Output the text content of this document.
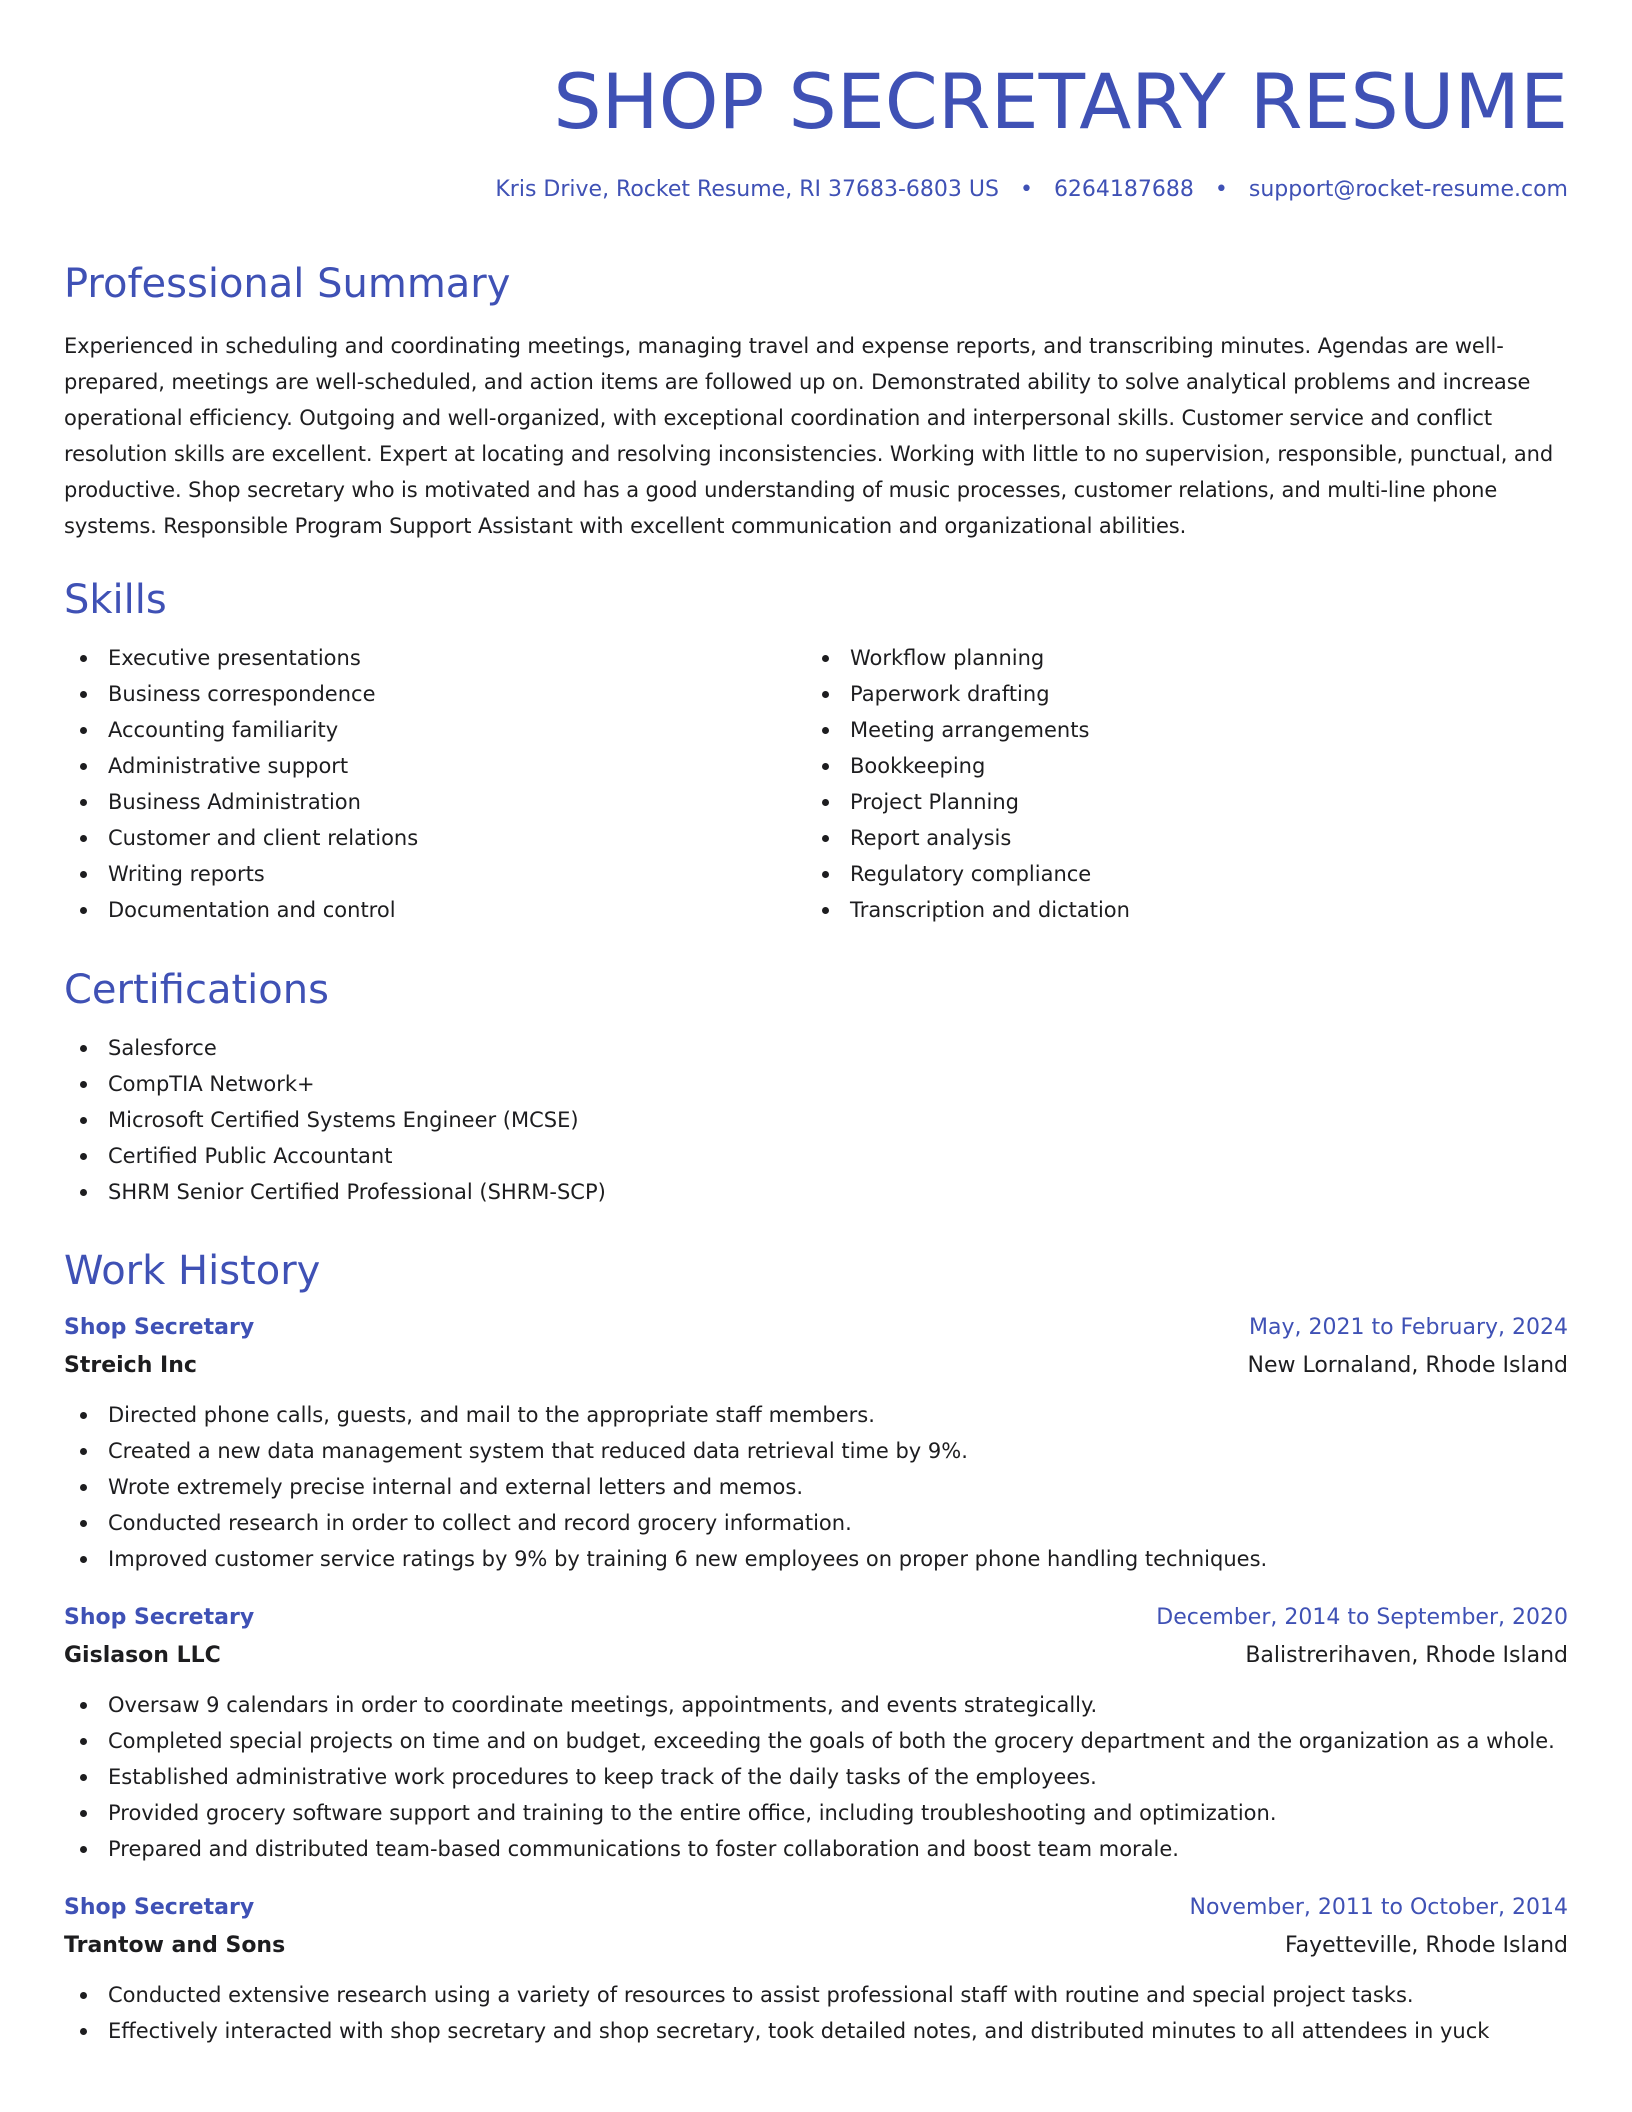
SHOP SECRETARY RESUME
Kris Drive, Rocket Resume, RI 37683-6803 US • 6264187688 • support@rocket-resume.com
Professional Summary

Experienced in scheduling and coordinating meetings, managing travel and expense reports, and transcribing minutes. Agendas are well-prepared, meetings are well-scheduled, and action items are followed up on. Demonstrated ability to solve analytical problems and increase operational efficiency. Outgoing and well-organized, with exceptional coordination and interpersonal skills. Customer service and conflict resolution skills are excellent. Expert at locating and resolving inconsistencies. Working with little to no supervision, responsible, punctual, and productive. Shop secretary who is motivated and has a good understanding of music processes, customer relations, and multi-line phone systems. Responsible Program Support Assistant with excellent communication and organizational abilities.

Skills
Executive presentations
Business correspondence
Accounting familiarity
Administrative support
Business Administration
Customer and client relations
Writing reports
Documentation and control
Workflow planning
Paperwork drafting
Meeting arrangements
Bookkeeping
Project Planning
Report analysis
Regulatory compliance
Transcription and dictation
Certifications
Salesforce
CompTIA Network+
Microsoft Certified Systems Engineer (MCSE)
Certified Public Accountant
SHRM Senior Certified Professional (SHRM-SCP)
Work History
Shop Secretary	May, 2021 to February, 2024
Streich Inc	New Lornaland, Rhode Island
Directed phone calls, guests, and mail to the appropriate staff members.
Created a new data management system that reduced data retrieval time by 9%.
Wrote extremely precise internal and external letters and memos.
Conducted research in order to collect and record grocery information.
Improved customer service ratings by 9% by training 6 new employees on proper phone handling techniques.
Shop Secretary	December, 2014 to September, 2020
Gislason LLC	Balistrerihaven, Rhode Island
Oversaw 9 calendars in order to coordinate meetings, appointments, and events strategically.
Completed special projects on time and on budget, exceeding the goals of both the grocery department and the organization as a whole.
Established administrative work procedures to keep track of the daily tasks of the employees.
Provided grocery software support and training to the entire office, including troubleshooting and optimization.
Prepared and distributed team-based communications to foster collaboration and boost team morale.
Shop Secretary	November, 2011 to October, 2014
Trantow and Sons	Fayetteville, Rhode Island
Conducted extensive research using a variety of resources to assist professional staff with routine and special project tasks.
Effectively interacted with shop secretary and shop secretary, took detailed notes, and distributed minutes to all attendees in yuck
